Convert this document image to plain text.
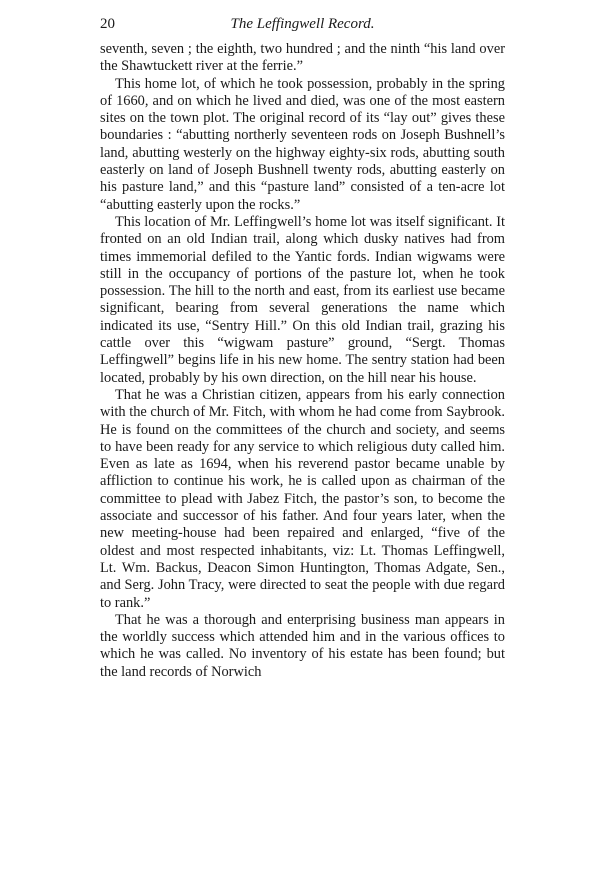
20	The Leffingwell Record.

seventh, seven ; the eighth, two hundred ; and the ninth “his land over the Shawtuckett river at the ferrie.”

This home lot, of which he took possession, probably in the spring of 1660, and on which he lived and died, was one of the most eastern sites on the town plot. The original record of its “lay out” gives these boundaries : “abutting northerly seventeen rods on Joseph Bushnell’s land, abutting westerly on the highway eighty-six rods, abutting south easterly on land of Joseph Bushnell twenty rods, abutting easterly on his pasture land,” and this “pasture land” consisted of a ten-acre lot “abutting easterly upon the rocks.”

This location of Mr. Leffingwell’s home lot was itself significant. It fronted on an old Indian trail, along which dusky natives had from times immemorial defiled to the Yantic fords. Indian wigwams were still in the occupancy of portions of the pasture lot, when he took possession. The hill to the north and east, from its earliest use became significant, bearing from several generations the name which indicated its use, “Sentry Hill.” On this old Indian trail, grazing his cattle over this “wigwam pasture” ground, “Sergt. Thomas Leffingwell” begins life in his new home. The sentry station had been located, probably by his own direction, on the hill near his house.

That he was a Christian citizen, appears from his early connection with the church of Mr. Fitch, with whom he had come from Saybrook. He is found on the committees of the church and society, and seems to have been ready for any service to which religious duty called him. Even as late as 1694, when his reverend pastor became unable by affliction to continue his work, he is called upon as chairman of the committee to plead with Jabez Fitch, the pastor’s son, to become the associate and successor of his father. And four years later, when the new meeting-house had been repaired and enlarged, “five of the oldest and most respected inhabitants, viz: Lt. Thomas Leffingwell, Lt. Wm. Backus, Deacon Simon Huntington, Thomas Adgate, Sen., and Serg. John Tracy, were directed to seat the people with due regard to rank.”

That he was a thorough and enterprising business man appears in the worldly success which attended him and in the various offices to which he was called. No inventory of his estate has been found; but the land records of Norwich
